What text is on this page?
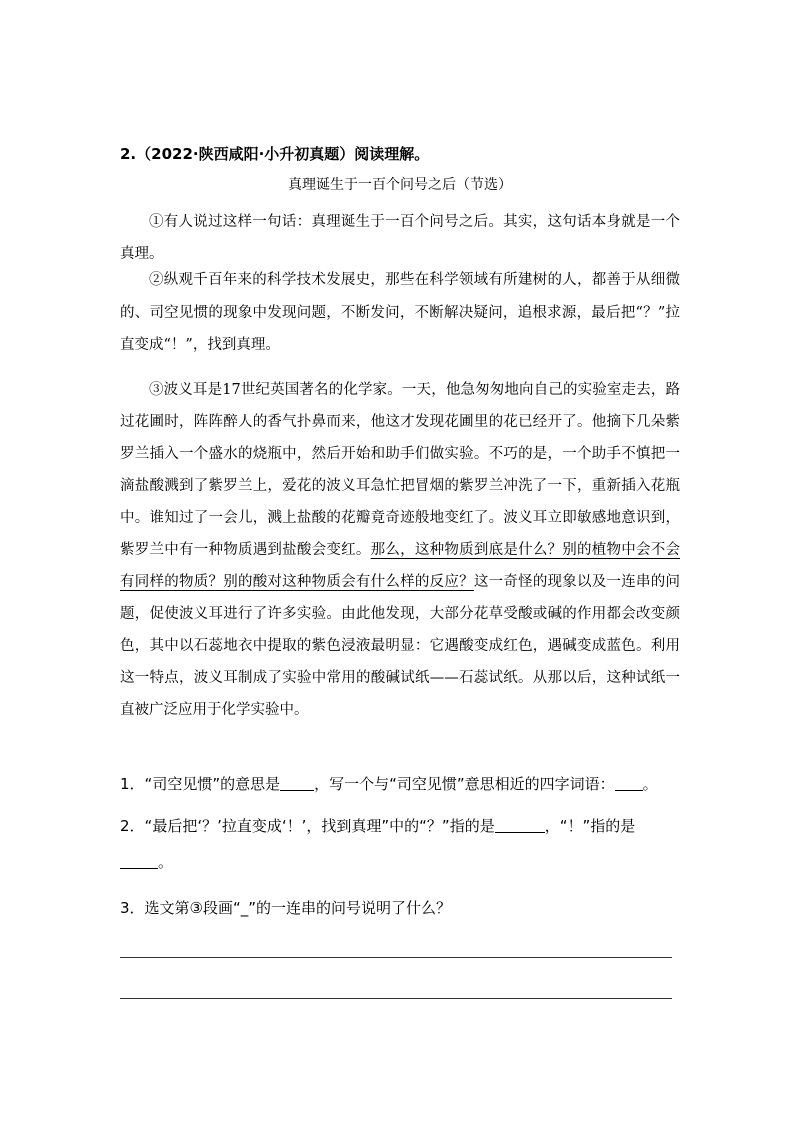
2.（2022·陕西咸阳·小升初真题）阅读理解。
真理诞生于一百个问号之后（节选）
①有人说过这样一句话：真理诞生于一百个问号之后。其实，这句话本身就是一个真理。
②纵观千百年来的科学技术发展史，那些在科学领域有所建树的人，都善于从细微的、司空见惯的现象中发现问题，不断发问，不断解决疑问，追根求源，最后把“？”拉直变成“！”，找到真理。
③波义耳是17世纪英国著名的化学家。一天，他急匆匆地向自己的实验室走去，路过花圃时，阵阵醉人的香气扑鼻而来，他这才发现花圃里的花已经开了。他摘下几朵紫罗兰插入一个盛水的烧瓶中，然后开始和助手们做实验。不巧的是，一个助手不慎把一滴盐酸溅到了紫罗兰上，爱花的波义耳急忙把冒烟的紫罗兰冲洗了一下，重新插入花瓶中。谁知过了一会儿，溅上盐酸的花瓣竟奇迹般地变红了。波义耳立即敏感地意识到，紫罗兰中有一种物质遇到盐酸会变红。那么，这种物质到底是什么？别的植物中会不会有同样的物质？别的酸对这种物质会有什么样的反应？这一奇怪的现象以及一连串的问题，促使波义耳进行了许多实验。由此他发现，大部分花草受酸或碱的作用都会改变颜色，其中以石蕊地衣中提取的紫色浸液最明显：它遇酸变成红色，遇碱变成蓝色。利用这一特点，波义耳制成了实验中常用的酸碱试纸——石蕊试纸。从那以后，这种试纸一直被广泛应用于化学实验中。
1．“司空见惯”的意思是 ，写一个与“司空见惯”意思相近的四字词语： 。
2．“最后把‘？’拉直变成‘！’，找到真理”中的“？”指的是	，“！”指的是
。
3．选文第③段画“_”的一连串的问号说明了什么？
